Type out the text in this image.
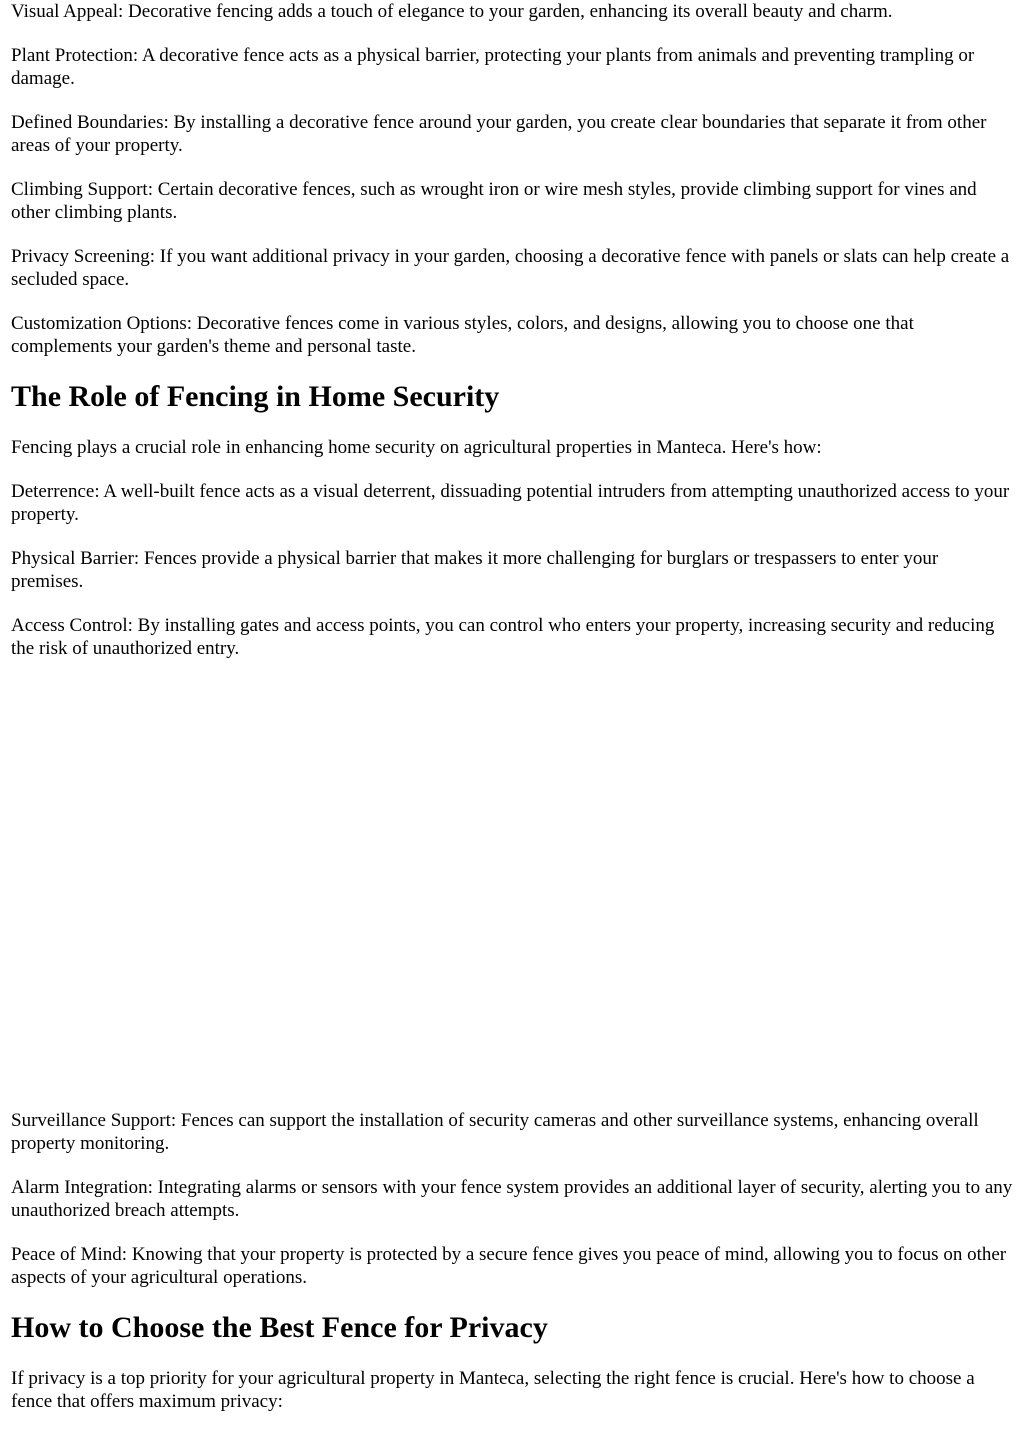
Visual Appeal: Decorative fencing adds a touch of elegance to your garden, enhancing its overall beauty and charm.

Plant Protection: A decorative fence acts as a physical barrier, protecting your plants from animals and preventing trampling or damage.

Defined Boundaries: By installing a decorative fence around your garden, you create clear boundaries that separate it from other areas of your property.

Climbing Support: Certain decorative fences, such as wrought iron or wire mesh styles, provide climbing support for vines and other climbing plants.

Privacy Screening: If you want additional privacy in your garden, choosing a decorative fence with panels or slats can help create a secluded space.

Customization Options: Decorative fences come in various styles, colors, and designs, allowing you to choose one that complements your garden's theme and personal taste.

The Role of Fencing in Home Security

Fencing plays a crucial role in enhancing home security on agricultural properties in Manteca. Here's how:

Deterrence: A well-built fence acts as a visual deterrent, dissuading potential intruders from attempting unauthorized access to your property.

Physical Barrier: Fences provide a physical barrier that makes it more challenging for burglars or trespassers to enter your premises.

Access Control: By installing gates and access points, you can control who enters your property, increasing security and reducing the risk of unauthorized entry.

Surveillance Support: Fences can support the installation of security cameras and other surveillance systems, enhancing overall property monitoring.

Alarm Integration: Integrating alarms or sensors with your fence system provides an additional layer of security, alerting you to any unauthorized breach attempts.

Peace of Mind: Knowing that your property is protected by a secure fence gives you peace of mind, allowing you to focus on other aspects of your agricultural operations.

How to Choose the Best Fence for Privacy

If privacy is a top priority for your agricultural property in Manteca, selecting the right fence is crucial. Here's how to choose a fence that offers maximum privacy:
